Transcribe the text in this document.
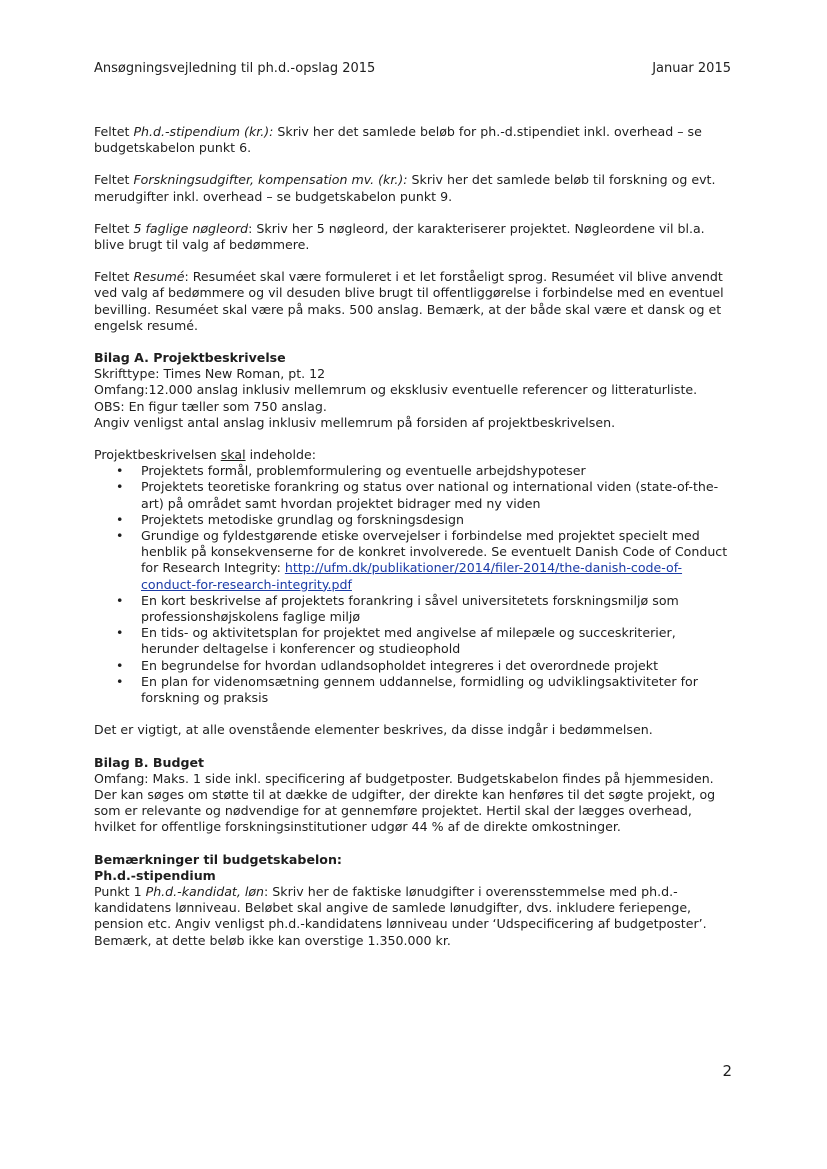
Ansøgningsvejledning til ph.d.-opslag 2015	Januar 2015

Feltet Ph.d.-stipendium (kr.): Skriv her det samlede beløb for ph.-d.stipendiet inkl. overhead – se budgetskabelon punkt 6.

Feltet Forskningsudgifter, kompensation mv. (kr.): Skriv her det samlede beløb til forskning og evt. merudgifter inkl. overhead – se budgetskabelon punkt 9.

Feltet 5 faglige nøgleord: Skriv her 5 nøgleord, der karakteriserer projektet. Nøgleordene vil bl.a. blive brugt til valg af bedømmere.

Feltet Resumé: Resuméet skal være formuleret i et let forståeligt sprog. Resuméet vil blive anvendt ved valg af bedømmere og vil desuden blive brugt til offentliggørelse i forbindelse med en eventuel bevilling. Resuméet skal være på maks. 500 anslag. Bemærk, at der både skal være et dansk og et engelsk resumé.

Bilag A. Projektbeskrivelse

Skrifttype: Times New Roman, pt. 12

Omfang:12.000 anslag inklusiv mellemrum og eksklusiv eventuelle referencer og litteraturliste.

OBS: En figur tæller som 750 anslag.

Angiv venligst antal anslag inklusiv mellemrum på forsiden af projektbeskrivelsen.

Projektbeskrivelsen skal indeholde:

• Projektets formål, problemformulering og eventuelle arbejdshypoteser
• Projektets teoretiske forankring og status over national og international viden (state-of-the-art) på området samt hvordan projektet bidrager med ny viden
• Projektets metodiske grundlag og forskningsdesign
• Grundige og fyldestgørende etiske overvejelser i forbindelse med projektet specielt med henblik på konsekvenserne for de konkret involverede. Se eventuelt Danish Code of Conduct for Research Integrity: http://ufm.dk/publikationer/2014/filer-2014/the-danish-code-of-conduct-for-research-integrity.pdf
• En kort beskrivelse af projektets forankring i såvel universitetets forskningsmiljø som professionshøjskolens faglige miljø
• En tids- og aktivitetsplan for projektet med angivelse af milepæle og succeskriterier, herunder deltagelse i konferencer og studieophold
• En begrundelse for hvordan udlandsopholdet integreres i det overordnede projekt
• En plan for videnomsætning gennem uddannelse, formidling og udviklingsaktiviteter for forskning og praksis

Det er vigtigt, at alle ovenstående elementer beskrives, da disse indgår i bedømmelsen.

Bilag B. Budget

Omfang: Maks. 1 side inkl. specificering af budgetposter. Budgetskabelon findes på hjemmesiden. Der kan søges om støtte til at dække de udgifter, der direkte kan henføres til det søgte projekt, og som er relevante og nødvendige for at gennemføre projektet. Hertil skal der lægges overhead, hvilket for offentlige forskningsinstitutioner udgør 44 % af de direkte omkostninger.

Bemærkninger til budgetskabelon:

Ph.d.-stipendium

Punkt 1 Ph.d.-kandidat, løn: Skriv her de faktiske lønudgifter i overensstemmelse med ph.d.-kandidatens lønniveau. Beløbet skal angive de samlede lønudgifter, dvs. inkludere feriepenge, pension etc. Angiv venligst ph.d.-kandidatens lønniveau under ‘Udspecificering af budgetposter’.

Bemærk, at dette beløb ikke kan overstige 1.350.000 kr.

2
